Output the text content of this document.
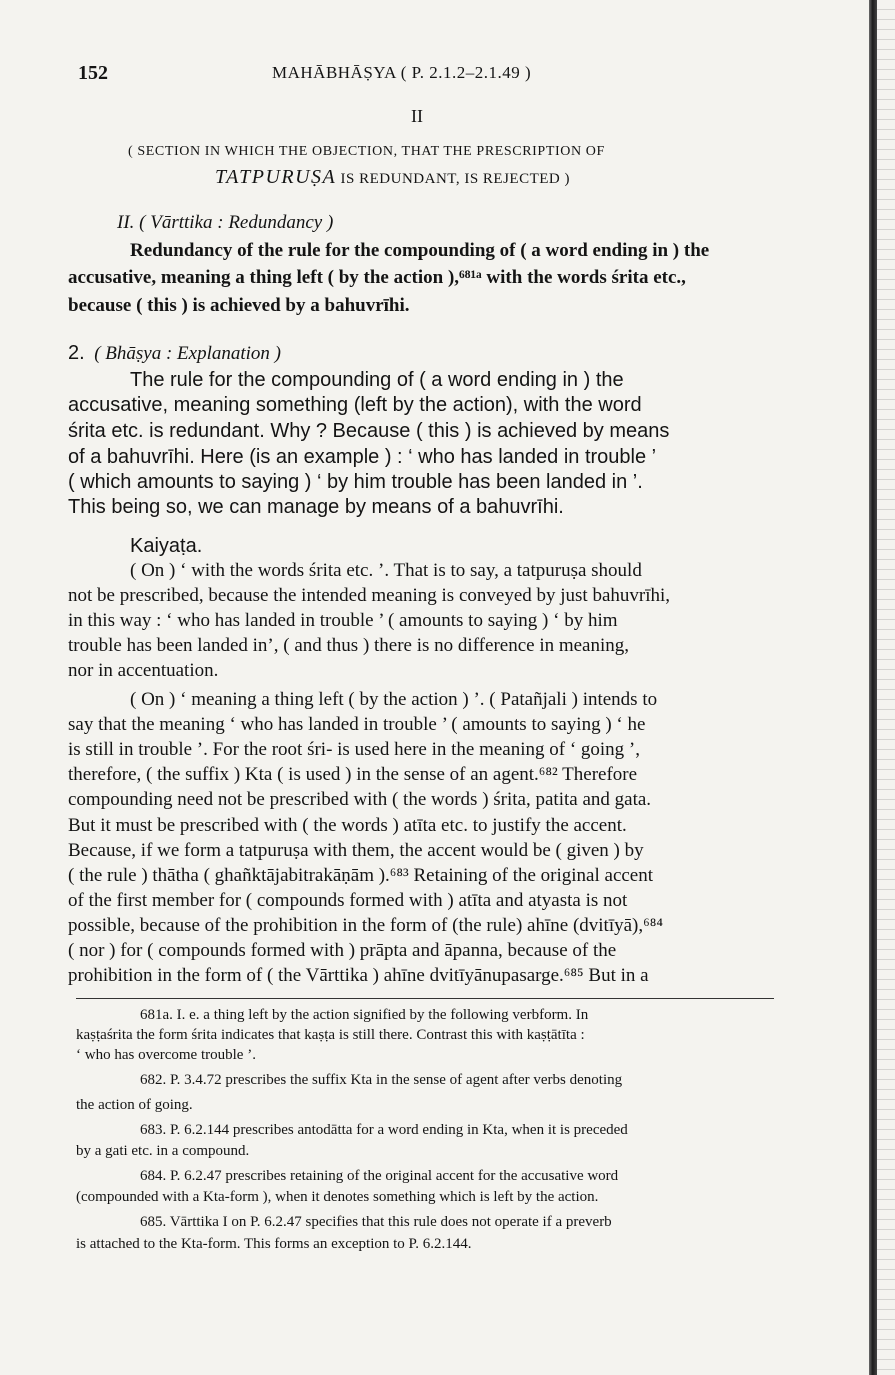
152	MAHĀBHĀṢYA ( P. 2.1.2–2.1.49 )
II
( SECTION IN WHICH THE OBJECTION, THAT THE PRESCRIPTION OF
TATPURUṢA IS REDUNDANT, IS REJECTED )
II. ( Vārttika : Redundancy )
Redundancy of the rule for the compounding of ( a word ending in ) the
accusative, meaning a thing left ( by the action ),⁶⁸¹ᵃ with the words śrita etc.,
because ( this ) is achieved by a bahuvrīhi.
2. ( Bhāṣya : Explanation )
The rule for the compounding of ( a word ending in ) the
accusative, meaning something (left by the action), with the word
śrita etc. is redundant. Why ? Because ( this ) is achieved by means
of a bahuvrīhi. Here (is an example ) : ‘ who has landed in trouble ’
( which amounts to saying ) ‘ by him trouble has been landed in ’.
This being so, we can manage by means of a bahuvrīhi.
Kaiyaṭa.
( On ) ‘ with the words śrita etc. ’. That is to say, a tatpuruṣa should
not be prescribed, because the intended meaning is conveyed by just bahuvrīhi,
in this way : ‘ who has landed in trouble ’ ( amounts to saying ) ‘ by him
trouble has been landed in’, ( and thus ) there is no difference in meaning,
nor in accentuation.
( On ) ‘ meaning a thing left ( by the action ) ’. ( Patañjali ) intends to
say that the meaning ‘ who has landed in trouble ’ ( amounts to saying ) ‘ he
is still in trouble ’. For the root śri- is used here in the meaning of ‘ going ’,
therefore, ( the suffix ) Kta ( is used ) in the sense of an agent.⁶⁸² Therefore
compounding need not be prescribed with ( the words ) śrita, patita and gata.
But it must be prescribed with ( the words ) atīta etc. to justify the accent.
Because, if we form a tatpuruṣa with them, the accent would be ( given ) by
( the rule ) thātha ( ghañktājabitrakāṇām ).⁶⁸³ Retaining of the original accent
of the first member for ( compounds formed with ) atīta and atyasta is not
possible, because of the prohibition in the form of (the rule) ahīne (dvitīyā),⁶⁸⁴
( nor ) for ( compounds formed with ) prāpta and āpanna, because of the
prohibition in the form of ( the Vārttika ) ahīne dvitīyānupasarge.⁶⁸⁵ But in a
681a. I. e. a thing left by the action signified by the following verbform. In
kaṣṭaśrita the form śrita indicates that kaṣṭa is still there. Contrast this with kaṣṭātīta :
‘ who has overcome trouble ’.
682. P. 3.4.72 prescribes the suffix Kta in the sense of agent after verbs denoting
the action of going.
683. P. 6.2.144 prescribes antodātta for a word ending in Kta, when it is preceded
by a gati etc. in a compound.
684. P. 6.2.47 prescribes retaining of the original accent for the accusative word
(compounded with a Kta-form ), when it denotes something which is left by the action.
685. Vārttika I on P. 6.2.47 specifies that this rule does not operate if a preverb
is attached to the Kta-form. This forms an exception to P. 6.2.144.
